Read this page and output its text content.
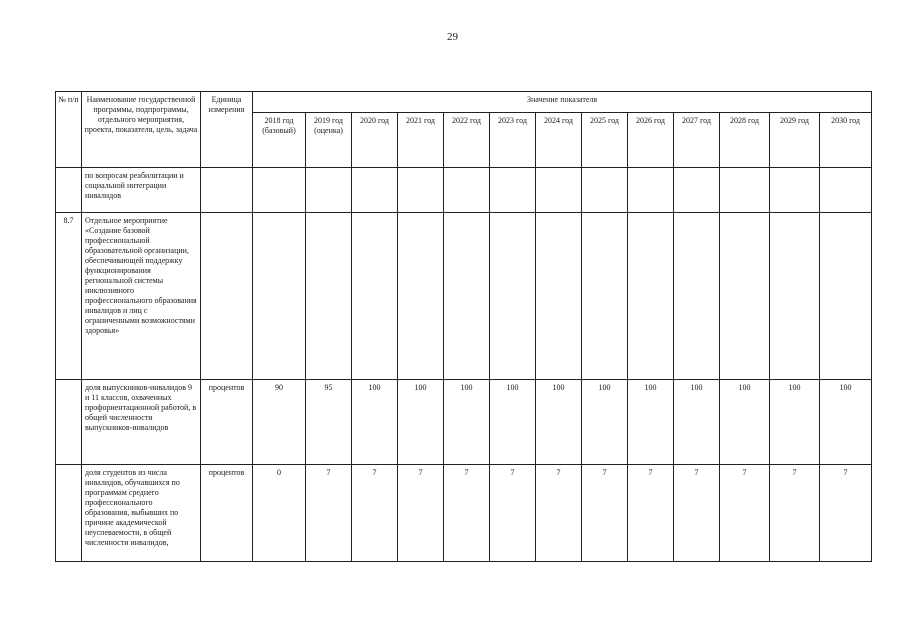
29
№ п/п	Наименование государственной программы, подпрограммы, отдельного мероприятия, проекта, показателя, цель, задача	Единица измерения	Значение показателя												
			2018 год (базовый)	2019 год (оценка)	2020 год	2021 год	2022 год	2023 год	2024 год	2025 год	2026 год	2027 год	2028 год	2029 год	2030 год
	по вопросам реабилитации и социальной интеграции инвалидов														
8.7	Отдельное мероприятие «Создание базовой профессиональной образовательной организации, обеспечивающей поддержку функционирования региональной системы инклюзивного профессионального образования инвалидов и лиц с ограниченными возможностями здоровья»														
	доля выпускников-инвалидов 9 и 11 классов, охваченных профориентационной работой, в общей численности выпускников-инвалидов	процентов	90	95	100	100	100	100	100	100	100	100	100	100	100
	доля студентов из числа инвалидов, обучавшихся по программам среднего профессионального образования, выбывших по причине академической неуспеваемости, в общей численности инвалидов,	процентов	0	7	7	7	7	7	7	7	7	7	7	7	7
